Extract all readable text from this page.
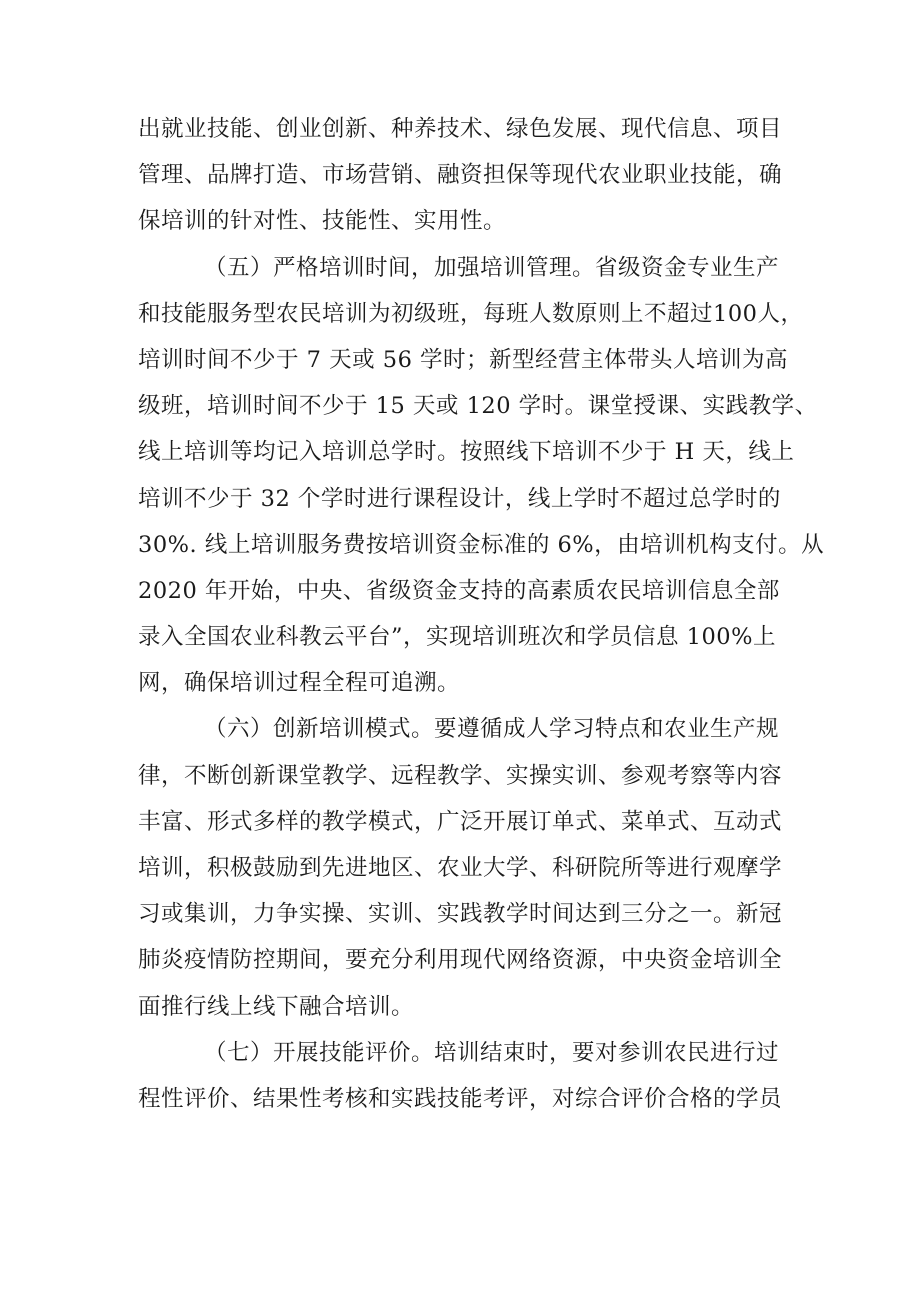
出就业技能、创业创新、种养技术、绿色发展、现代信息、项目
管理、品牌打造、市场营销、融资担保等现代农业职业技能，确
保培训的针对性、技能性、实用性。
（五）严格培训时间，加强培训管理。省级资金专业生产
和技能服务型农民培训为初级班，每班人数原则上不超过100人，
培训时间不少于 7 天或 56 学时；新型经营主体带头人培训为高
级班，培训时间不少于 15 天或 120 学时。课堂授课、实践教学、
线上培训等均记入培训总学时。按照线下培训不少于 H 天，线上
培训不少于 32 个学时进行课程设计，线上学时不超过总学时的
30%. 线上培训服务费按培训资金标准的 6%，由培训机构支付。从
2020 年开始，中央、省级资金支持的高素质农民培训信息全部
录入全国农业科教云平台”，实现培训班次和学员信息 100%上
网，确保培训过程全程可追溯。
（六）创新培训模式。要遵循成人学习特点和农业生产规
律，不断创新课堂教学、远程教学、实操实训、参观考察等内容
丰富、形式多样的教学模式，广泛开展订单式、菜单式、互动式
培训，积极鼓励到先进地区、农业大学、科研院所等进行观摩学
习或集训，力争实操、实训、实践教学时间达到三分之一。新冠
肺炎疫情防控期间，要充分利用现代网络资源，中央资金培训全
面推行线上线下融合培训。
（七）开展技能评价。培训结束时，要对参训农民进行过
程性评价、结果性考核和实践技能考评，对综合评价合格的学员
